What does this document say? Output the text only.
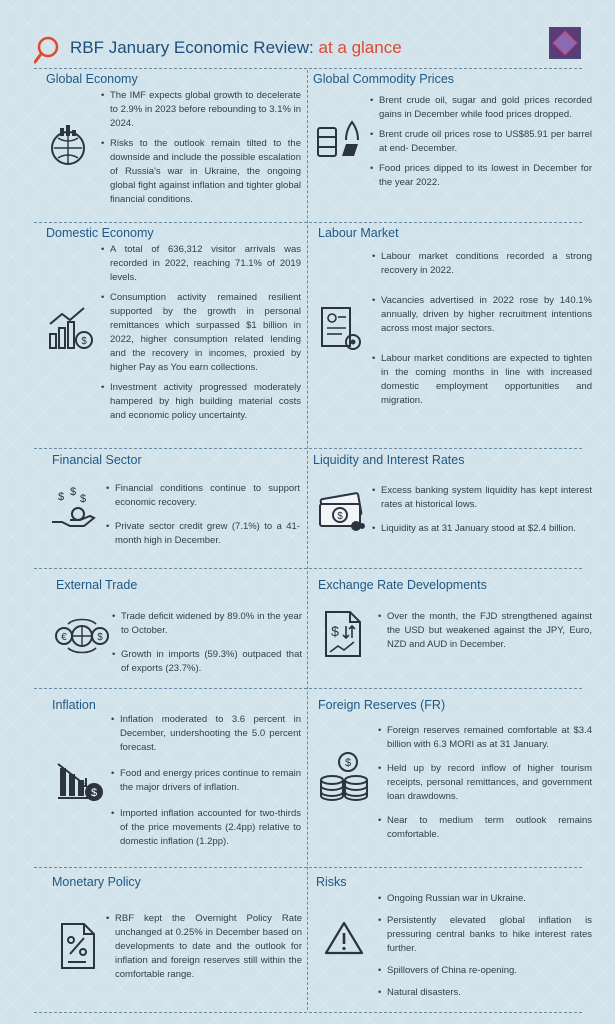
RBF January Economic Review: at a glance
Global Economy
• The IMF expects global growth to decelerate to 2.9% in 2023 before rebounding to 3.1% in 2024.
• Risks to the outlook remain tilted to the downside and include the possible escalation of Russia's war in Ukraine, the ongoing global fight against inflation and tighter global financial conditions.
Global Commodity Prices
• Brent crude oil, sugar and gold prices recorded gains in December while food prices dropped.
• Brent crude oil prices rose to US$85.91 per barrel at end- December.
• Food prices dipped to its lowest in December for the year 2022.
Domestic Economy
$
• A total of 636,312 visitor arrivals was recorded in 2022, reaching 71.1% of 2019 levels.
• Consumption activity remained resilient supported by the growth in personal remittances which surpassed $1 billion in 2022, higher consumption related lending and the recovery in incomes, proxied by higher Pay as You earn collections.
• Investment activity progressed moderately hampered by high building material costs and economic policy uncertainty.
Labour Market
• Labour market conditions recorded a strong recovery in 2022.
• Vacancies advertised in 2022 rose by 140.1% annually, driven by higher recruitment intentions across most major sectors.
• Labour market conditions are expected to tighten in the coming months in line with increased domestic employment opportunities and migration.
Financial Sector
$ $
$
• Financial conditions continue to support economic recovery.
• Private sector credit grew (7.1%) to a 41-month high in December.
Liquidity and Interest Rates
$
• Excess banking system liquidity has kept interest rates at historical lows.
• Liquidity as at 31 January stood at $2.4 billion.
External Trade
€	$
• Trade deficit widened by 89.0% in the year to October.
• Growth in imports (59.3%) outpaced that of exports (23.7%).
Exchange Rate Developments
$
• Over the month, the FJD strengthened against the USD but weakened against the JPY, Euro, NZD and AUD in December.
Inflation
$
• Inflation moderated to 3.6 percent in December, undershooting the 5.0 percent forecast.
• Food and energy prices continue to remain the major drivers of inflation.
• Imported inflation accounted for two-thirds of the price movements (2.4pp) relative to domestic inflation (1.2pp).
Foreign Reserves (FR)
$
• Foreign reserves remained comfortable at $3.4 billion with 6.3 MORI as at 31 January.
• Held up by record inflow of higher tourism receipts, personal remittances, and government loan drawdowns.
• Near to medium term outlook remains comfortable.
Monetary Policy
• RBF kept the Overnight Policy Rate unchanged at 0.25% in December based on developments to date and the outlook for inflation and foreign reserves still within the comfortable range.
Risks
• Ongoing Russian war in Ukraine.
• Persistently elevated global inflation is pressuring central banks to hike interest rates further.
• Spillovers of China re-opening.
• Natural disasters.
